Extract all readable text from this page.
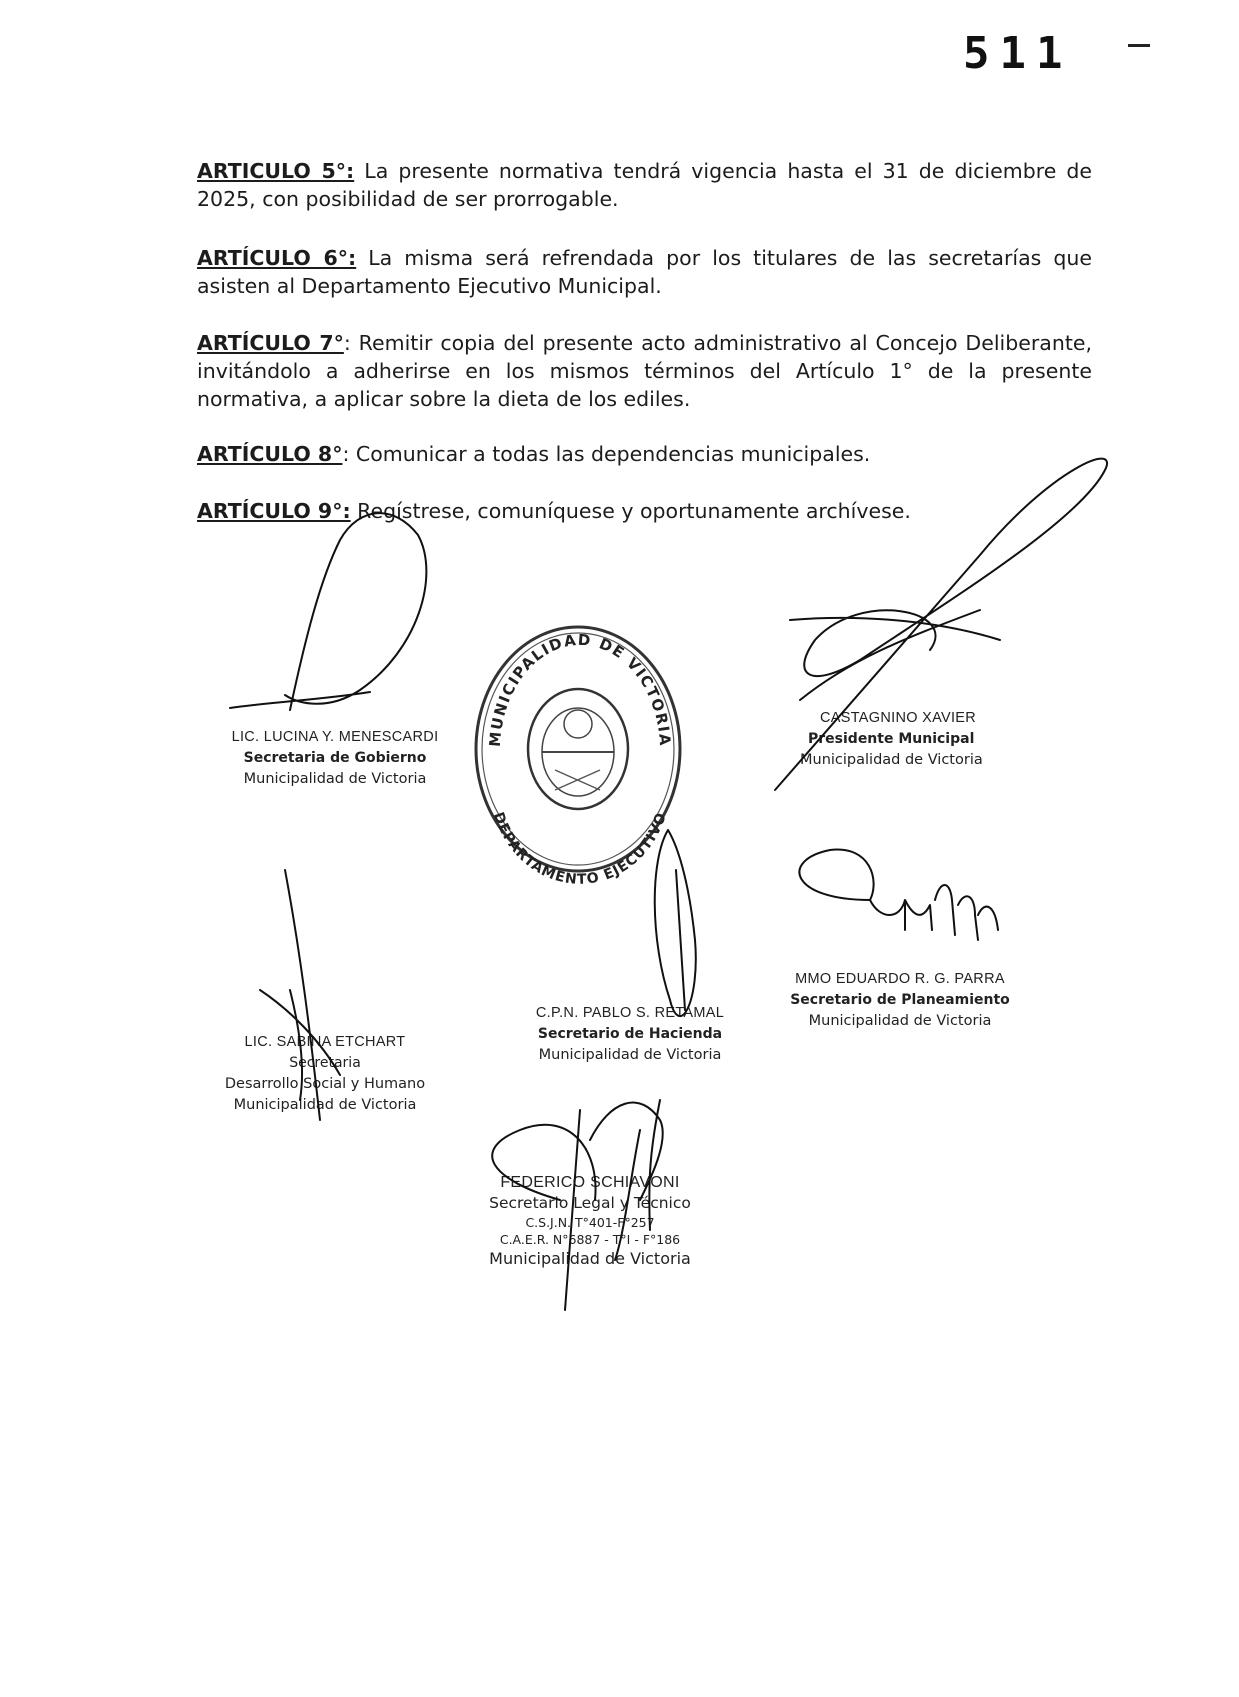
511
ARTICULO 5°: La presente normativa tendrá vigencia hasta el 31 de diciembre de 2025, con posibilidad de ser prorrogable.
ARTÍCULO 6°: La misma será refrendada por los titulares de las secretarías que asisten al Departamento Ejecutivo Municipal.
ARTÍCULO 7°: Remitir copia del presente acto administrativo al Concejo Deliberante, invitándolo a adherirse en los mismos términos del Artículo 1° de la presente normativa, a aplicar sobre la dieta de los ediles.
ARTÍCULO 8°: Comunicar a todas las dependencias municipales.
ARTÍCULO 9°: Regístrese, comuníquese y oportunamente archívese.
MUNICIPALIDAD DE VICTORIA
DEPARTAMENTO EJECUTIVO
LIC. LUCINA Y. MENESCARDI
Secretaria de Gobierno
Municipalidad de Victoria
CASTAGNINO XAVIER
Presidente Municipal
Municipalidad de Victoria
MMO EDUARDO R. G. PARRA
Secretario de Planeamiento
Municipalidad de Victoria
C.P.N. PABLO S. RETAMAL
Secretario de Hacienda
Municipalidad de Victoria
LIC. SABINA ETCHART
Secretaria
Desarrollo Social y Humano
Municipalidad de Victoria
FEDERICO SCHIAVONI
Secretario Legal y Técnico
C.S.J.N. T°401-F°257
C.A.E.R. N°6887 - T°I - F°186
Municipalidad de Victoria
